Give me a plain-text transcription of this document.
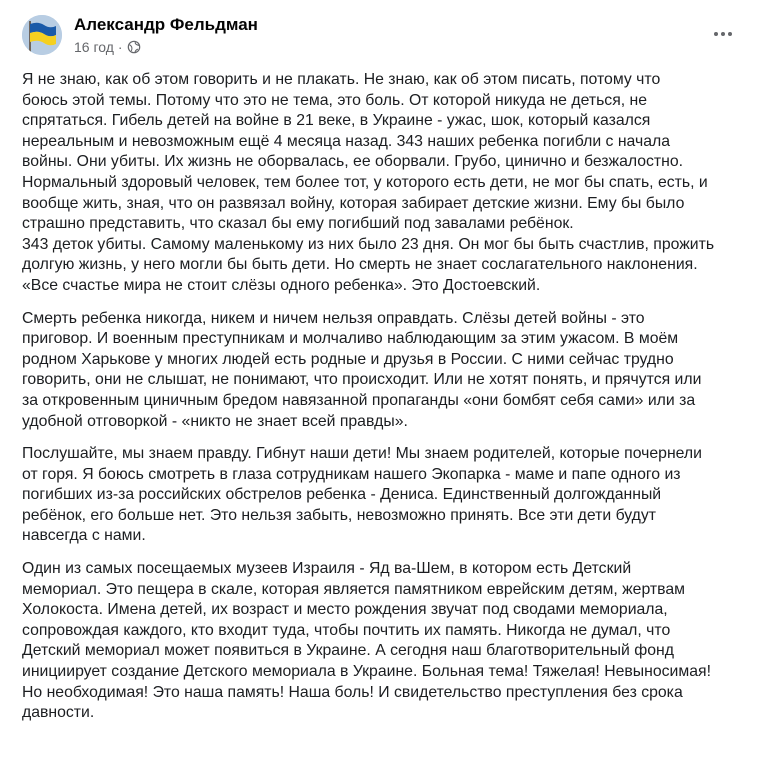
Александр Фельдман
16 год ·
Я не знаю, как об этом говорить и не плакать. Не знаю, как об этом писать, потому что
боюсь этой темы. Потому что это не тема, это боль. От которой никуда не деться, не
спрятаться. Гибель детей на войне в 21 веке, в Украине - ужас, шок, который казался
нереальным и невозможным ещё 4 месяца назад. 343 наших ребенка погибли с начала
войны. Они убиты. Их жизнь не оборвалась, ее оборвали. Грубо, цинично и безжалостно.
Нормальный здоровый человек, тем более тот, у которого есть дети, не мог бы спать, есть, и
вообще жить, зная, что он развязал войну, которая забирает детские жизни. Ему бы было
страшно представить, что сказал бы ему погибший под завалами ребёнок.
343 деток убиты. Самому маленькому из них было 23 дня. Он мог бы быть счастлив, прожить
долгую жизнь, у него могли бы быть дети. Но смерть не знает сослагательного наклонения.
«Все счастье мира не стоит слёзы одного ребенка». Это Достоевский.
Смерть ребенка никогда, никем и ничем нельзя оправдать. Слёзы детей войны - это
приговор. И военным преступникам и молчаливо наблюдающим за этим ужасом. В моём
родном Харькове у многих людей есть родные и друзья в России. С ними сейчас трудно
говорить, они не слышат, не понимают, что происходит. Или не хотят понять, и прячутся или
за откровенным циничным бредом навязанной пропаганды «они бомбят себя сами» или за
удобной отговоркой - «никто не знает всей правды».
Послушайте, мы знаем правду. Гибнут наши дети! Мы знаем родителей, которые почернели
от горя. Я боюсь смотреть в глаза сотрудникам нашего Экопарка - маме и папе одного из
погибших из-за российских обстрелов ребенка - Дениса. Единственный долгожданный
ребёнок, его больше нет. Это нельзя забыть, невозможно принять. Все эти дети будут
навсегда с нами.
Один из самых посещаемых музеев Израиля - Яд ва-Шем, в котором есть Детский
мемориал. Это пещера в скале, которая является памятником еврейским детям, жертвам
Холокоста. Имена детей, их возраст и место рождения звучат под сводами мемориала,
сопровождая каждого, кто входит туда, чтобы почтить их память. Никогда не думал, что
Детский мемориал может появиться в Украине. А сегодня наш благотворительный фонд
инициирует создание Детского мемориала в Украине. Больная тема! Тяжелая! Невыносимая!
Но необходимая! Это наша память! Наша боль! И свидетельство преступления без срока
давности.
